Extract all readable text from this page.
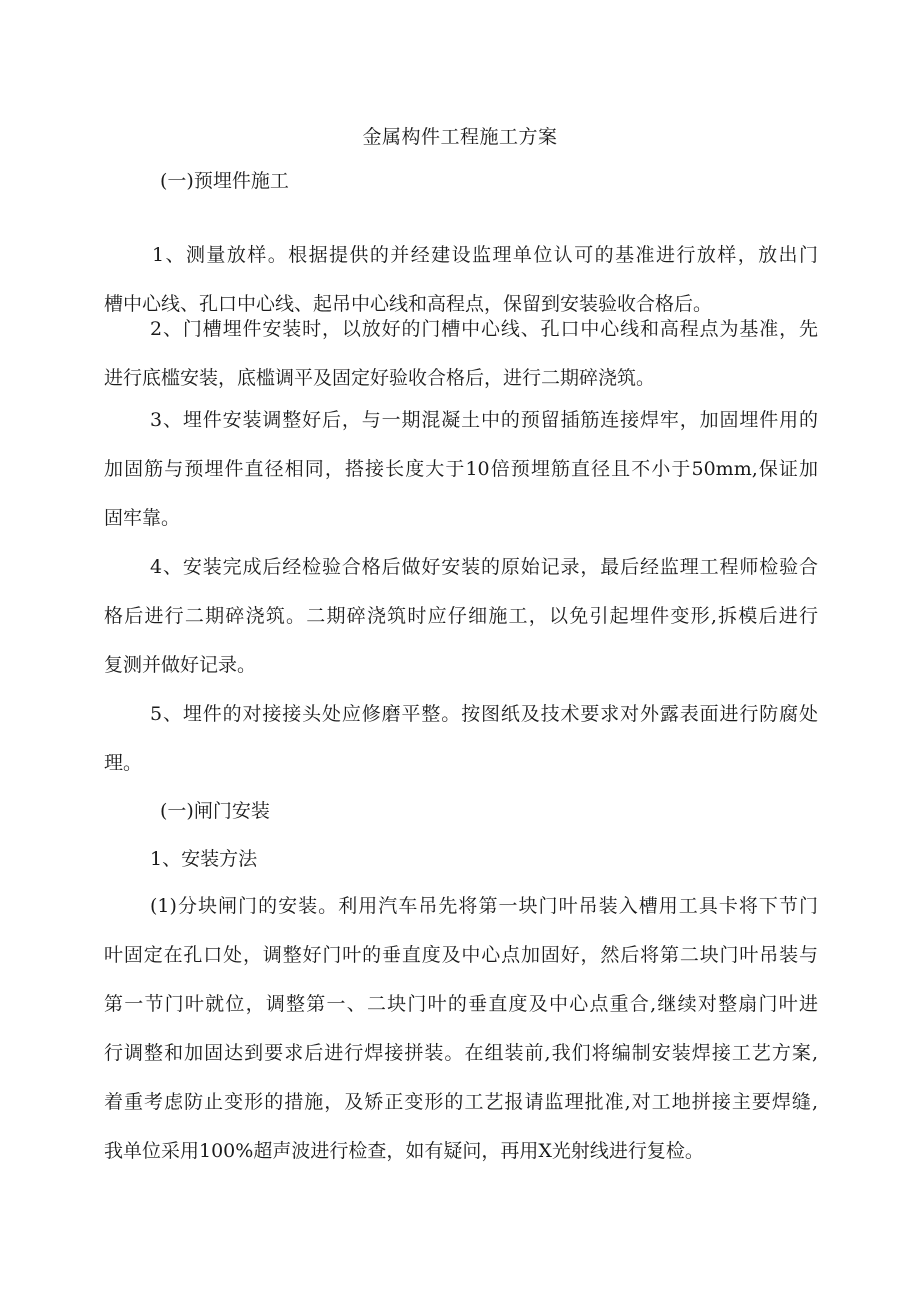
金属构件工程施工方案
(一)预埋件施工
1、测量放样。根据提供的并经建设监理单位认可的基准进行放样，放出门
槽中心线、孔口中心线、起吊中心线和高程点，保留到安装验收合格后。
2、门槽埋件安装时，以放好的门槽中心线、孔口中心线和高程点为基准，先
进行底槛安装，底槛调平及固定好验收合格后，进行二期碎浇筑。
3、埋件安装调整好后，与一期混凝土中的预留插筋连接焊牢，加固埋件用的
加固筋与预埋件直径相同，搭接长度大于10倍预埋筋直径且不小于50mm,保证加
固牢靠。
4、安装完成后经检验合格后做好安装的原始记录，最后经监理工程师检验合
格后进行二期碎浇筑。二期碎浇筑时应仔细施工，以免引起埋件变形,拆模后进行
复测并做好记录。
5、埋件的对接接头处应修磨平整。按图纸及技术要求对外露表面进行防腐处
理。
(一)闸门安装
1、安装方法
(1)分块闸门的安装。利用汽车吊先将第一块门叶吊装入槽用工具卡将下节门
叶固定在孔口处，调整好门叶的垂直度及中心点加固好，然后将第二块门叶吊装与
第一节门叶就位，调整第一、二块门叶的垂直度及中心点重合,继续对整扇门叶进
行调整和加固达到要求后进行焊接拼装。在组装前,我们将编制安装焊接工艺方案,
着重考虑防止变形的措施，及矫正变形的工艺报请监理批准,对工地拼接主要焊缝,
我单位采用100%超声波进行检查，如有疑问，再用X光射线进行复检。
